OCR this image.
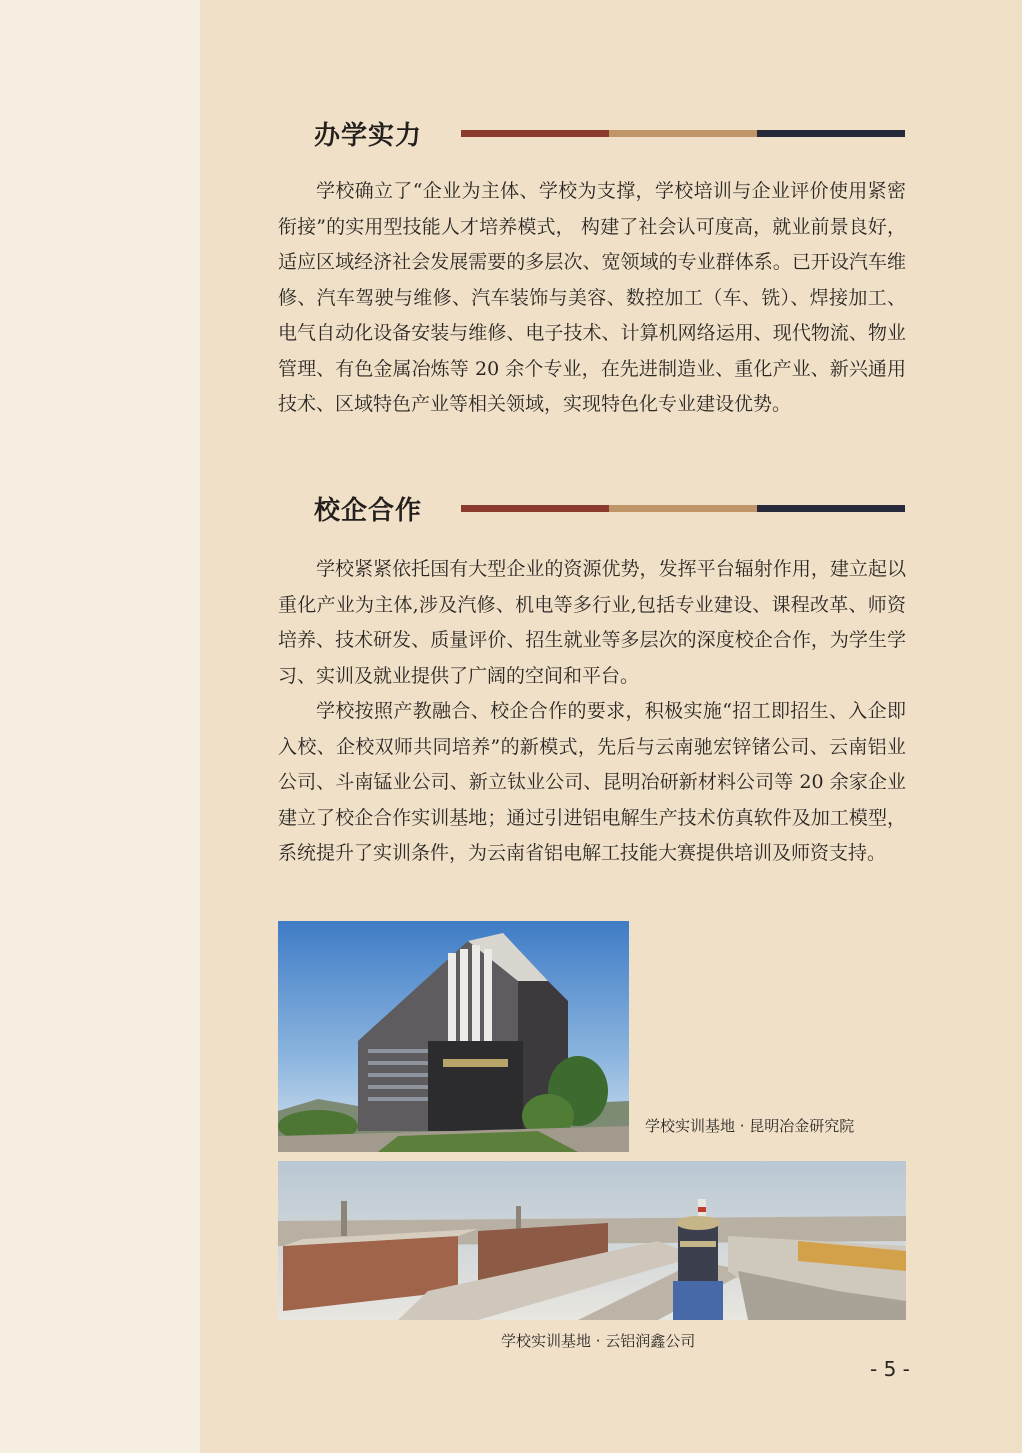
办学实力

学校确立了“企业为主体、学校为支撑，学校培训与企业评价使用紧密衔接”的实用型技能人才培养模式， 构建了社会认可度高，就业前景良好，适应区域经济社会发展需要的多层次、宽领域的专业群体系。已开设汽车维修、汽车驾驶与维修、汽车装饰与美容、数控加工（车、铣）、焊接加工、电气自动化设备安装与维修、电子技术、计算机网络运用、现代物流、物业管理、有色金属冶炼等 20 余个专业，在先进制造业、重化产业、新兴通用技术、区域特色产业等相关领域，实现特色化专业建设优势。

校企合作

学校紧紧依托国有大型企业的资源优势，发挥平台辐射作用，建立起以重化产业为主体,涉及汽修、机电等多行业,包括专业建设、课程改革、师资培养、技术研发、质量评价、招生就业等多层次的深度校企合作，为学生学习、实训及就业提供了广阔的空间和平台。

学校按照产教融合、校企合作的要求，积极实施“招工即招生、入企即入校、企校双师共同培养”的新模式，先后与云南驰宏锌锗公司、云南铝业公司、斗南锰业公司、新立钛业公司、昆明冶研新材料公司等 20 余家企业建立了校企合作实训基地；通过引进铝电解生产技术仿真软件及加工模型，系统提升了实训条件，为云南省铝电解工技能大赛提供培训及师资支持。

学校实训基地 · 昆明冶金研究院
学校实训基地 · 云铝润鑫公司
- 5 -
